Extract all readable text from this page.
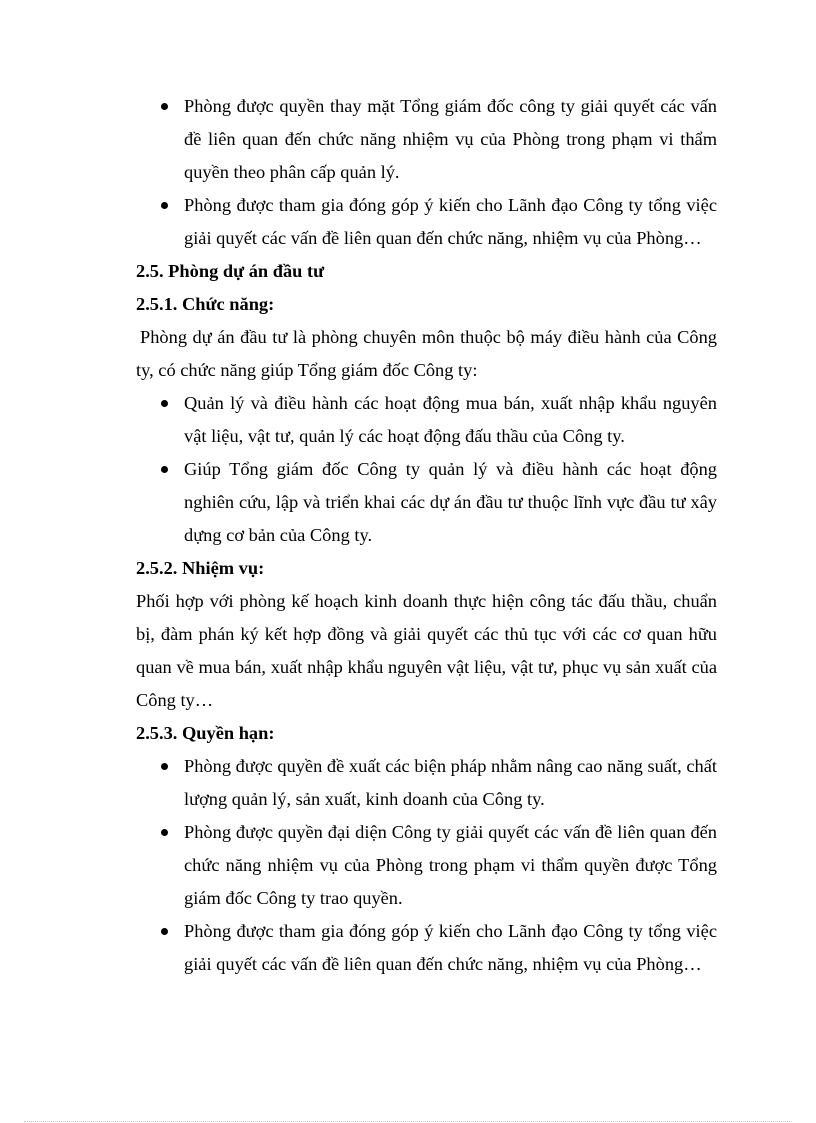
Phòng được quyền thay mặt Tổng giám đốc công ty giải quyết các vấn đề liên quan đến chức năng nhiệm vụ của Phòng trong phạm vi thẩm quyền theo phân cấp quản lý.
Phòng được tham gia đóng góp ý kiến cho Lãnh đạo Công ty tổng việc giải quyết các vấn đề liên quan đến chức năng, nhiệm vụ của Phòng…
2.5. Phòng dự án đầu tư
2.5.1. Chức năng:

Phòng dự án đầu tư là phòng chuyên môn thuộc bộ máy điều hành của Công ty, có chức năng giúp Tổng giám đốc Công ty:

Quản lý và điều hành các hoạt động mua bán, xuất nhập khẩu nguyên vật liệu, vật tư, quản lý các hoạt động đấu thầu của Công ty.
Giúp Tổng giám đốc Công ty quản lý và điều hành các hoạt động nghiên cứu, lập và triển khai các dự án đầu tư thuộc lĩnh vực đầu tư xây dựng cơ bản của Công ty.
2.5.2. Nhiệm vụ:

Phối hợp với phòng kế hoạch kinh doanh thực hiện công tác đấu thầu, chuẩn bị, đàm phán ký kết hợp đồng và giải quyết các thủ tục với các cơ quan hữu quan về mua bán, xuất nhập khẩu nguyên vật liệu, vật tư, phục vụ sản xuất của Công ty…

2.5.3. Quyền hạn:
Phòng được quyền đề xuất các biện pháp nhằm nâng cao năng suất, chất lượng quản lý, sản xuất, kinh doanh của Công ty.
Phòng được quyền đại diện Công ty giải quyết các vấn đề liên quan đến chức năng nhiệm vụ của Phòng trong phạm vi thẩm quyền được Tổng giám đốc Công ty trao quyền.
Phòng được tham gia đóng góp ý kiến cho Lãnh đạo Công ty tổng việc giải quyết các vấn đề liên quan đến chức năng, nhiệm vụ của Phòng…
